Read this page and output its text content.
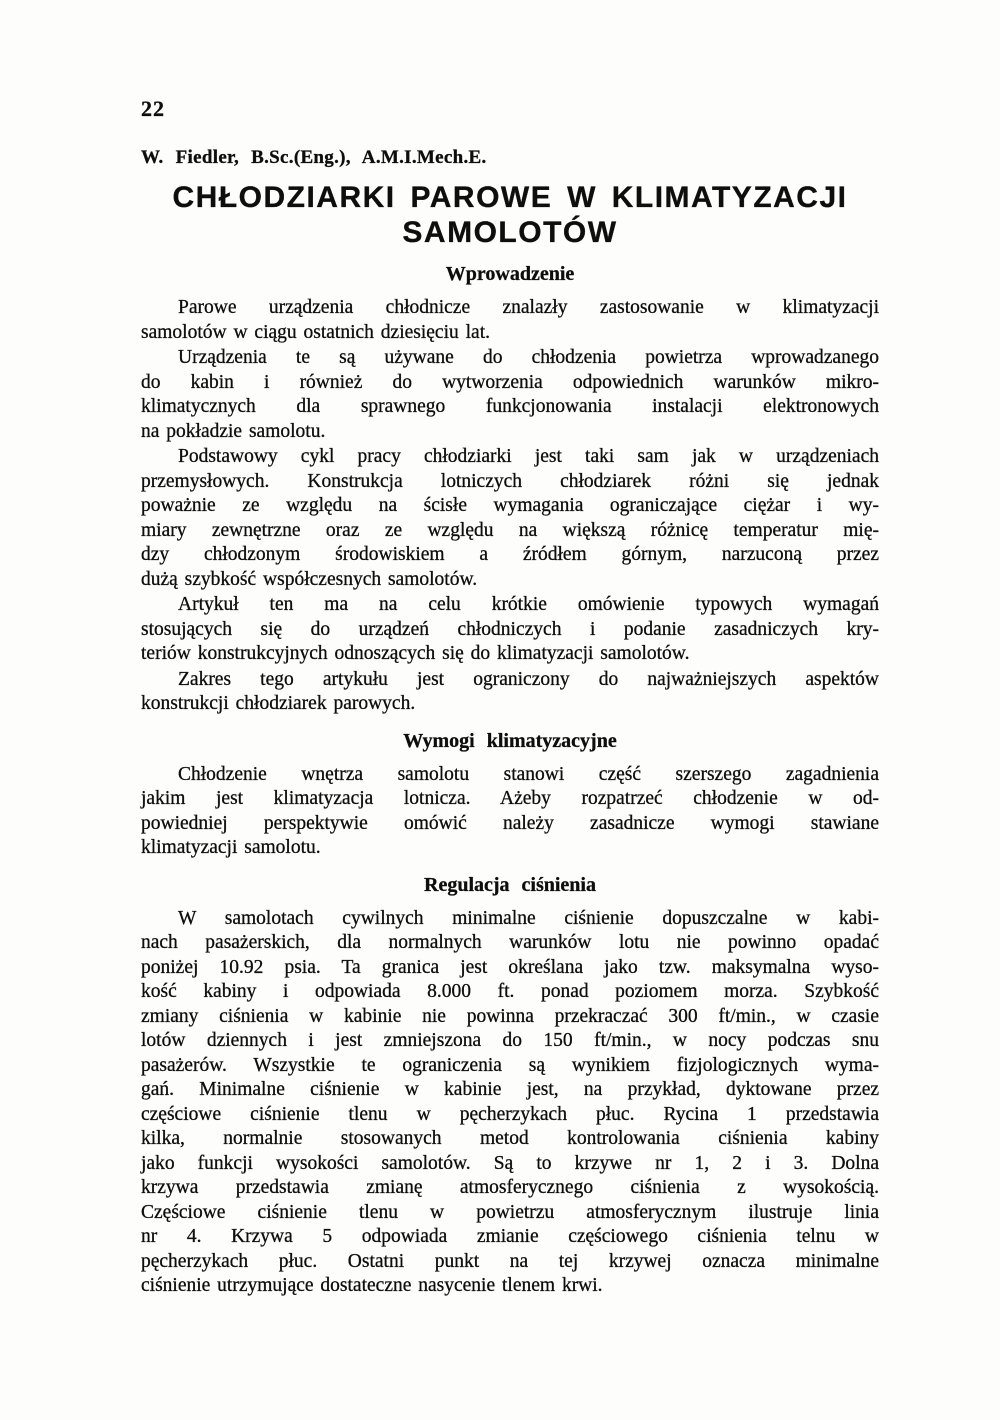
22
W. Fiedler, B.Sc.(Eng.), A.M.I.Mech.E.
CHŁODZIARKI PAROWE W KLIMATYZACJI
SAMOLOTÓW
Wprowadzenie
Parowe urządzenia chłodnicze znalazły zastosowanie w klimatyzacji
samolotów w ciągu ostatnich dziesięciu lat.
Urządzenia te są używane do chłodzenia powietrza wprowadzanego
do kabin i również do wytworzenia odpowiednich warunków mikro-
klimatycznych dla sprawnego funkcjonowania instalacji elektronowych
na pokładzie samolotu.
Podstawowy cykl pracy chłodziarki jest taki sam jak w urządzeniach
przemysłowych. Konstrukcja lotniczych chłodziarek różni się jednak
poważnie ze względu na ścisłe wymagania ograniczające ciężar i wy-
miary zewnętrzne oraz ze względu na większą różnicę temperatur mię-
dzy chłodzonym środowiskiem a źródłem górnym, narzuconą przez
dużą szybkość współczesnych samolotów.
Artykuł ten ma na celu krótkie omówienie typowych wymagań
stosujących się do urządzeń chłodniczych i podanie zasadniczych kry-
teriów konstrukcyjnych odnoszących się do klimatyzacji samolotów.
Zakres tego artykułu jest ograniczony do najważniejszych aspektów
konstrukcji chłodziarek parowych.
Wymogi klimatyzacyjne
Chłodzenie wnętrza samolotu stanowi część szerszego zagadnienia
jakim jest klimatyzacja lotnicza. Ażeby rozpatrzeć chłodzenie w od-
powiedniej perspektywie omówić należy zasadnicze wymogi stawiane
klimatyzacji samolotu.
Regulacja ciśnienia
W samolotach cywilnych minimalne ciśnienie dopuszczalne w kabi-
nach pasażerskich, dla normalnych warunków lotu nie powinno opadać
poniżej 10.92 psia. Ta granica jest określana jako tzw. maksymalna wyso-
kość kabiny i odpowiada 8.000 ft. ponad poziomem morza. Szybkość
zmiany ciśnienia w kabinie nie powinna przekraczać 300 ft/min., w czasie
lotów dziennych i jest zmniejszona do 150 ft/min., w nocy podczas snu
pasażerów. Wszystkie te ograniczenia są wynikiem fizjologicznych wyma-
gań. Minimalne ciśnienie w kabinie jest, na przykład, dyktowane przez
częściowe ciśnienie tlenu w pęcherzykach płuc. Rycina 1 przedstawia
kilka, normalnie stosowanych metod kontrolowania ciśnienia kabiny
jako funkcji wysokości samolotów. Są to krzywe nr 1, 2 i 3. Dolna
krzywa przedstawia zmianę atmosferycznego ciśnienia z wysokością.
Częściowe ciśnienie tlenu w powietrzu atmosferycznym ilustruje linia
nr 4. Krzywa 5 odpowiada zmianie częściowego ciśnienia telnu w
pęcherzykach płuc. Ostatni punkt na tej krzywej oznacza minimalne
ciśnienie utrzymujące dostateczne nasycenie tlenem krwi.
